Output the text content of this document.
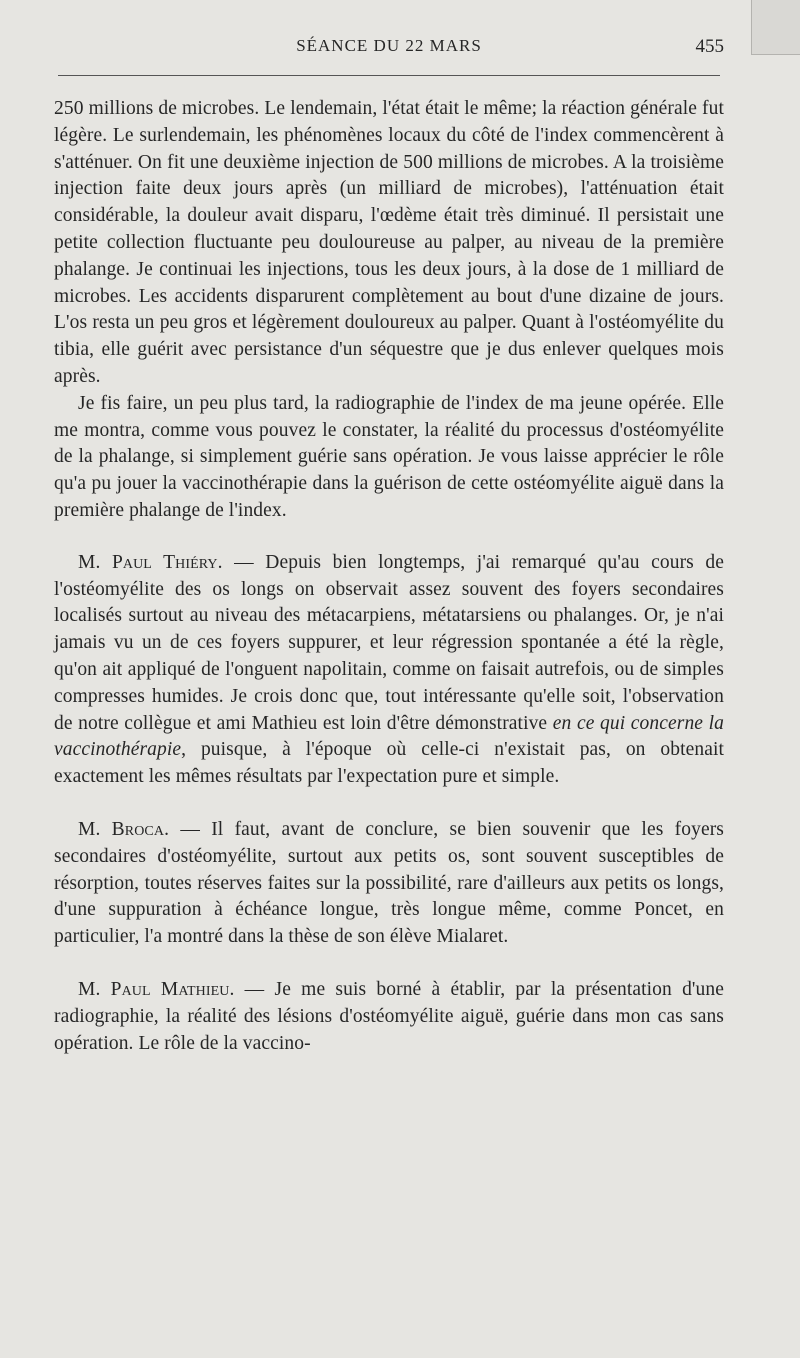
SÉANCE DU 22 MARS	455

250 millions de microbes. Le lendemain, l'état était le même; la réaction générale fut légère. Le surlendemain, les phénomènes locaux du côté de l'index commencèrent à s'atténuer. On fit une deuxième injection de 500 millions de microbes. A la troisième injection faite deux jours après (un milliard de microbes), l'atténuation était considérable, la douleur avait disparu, l'œdème était très diminué. Il persistait une petite collection fluctuante peu douloureuse au palper, au niveau de la première phalange. Je continuai les injections, tous les deux jours, à la dose de 1 milliard de microbes. Les accidents disparurent complètement au bout d'une dizaine de jours. L'os resta un peu gros et légèrement douloureux au palper. Quant à l'ostéomyélite du tibia, elle guérit avec persistance d'un séquestre que je dus enlever quelques mois après.

Je fis faire, un peu plus tard, la radiographie de l'index de ma jeune opérée. Elle me montra, comme vous pouvez le constater, la réalité du processus d'ostéomyélite de la phalange, si simplement guérie sans opération. Je vous laisse apprécier le rôle qu'a pu jouer la vaccinothérapie dans la guérison de cette ostéomyélite aiguë dans la première phalange de l'index.

M. Paul Thiéry. — Depuis bien longtemps, j'ai remarqué qu'au cours de l'ostéomyélite des os longs on observait assez souvent des foyers secondaires localisés surtout au niveau des métacarpiens, métatarsiens ou phalanges. Or, je n'ai jamais vu un de ces foyers suppurer, et leur régression spontanée a été la règle, qu'on ait appliqué de l'onguent napolitain, comme on faisait autrefois, ou de simples compresses humides. Je crois donc que, tout intéressante qu'elle soit, l'observation de notre collègue et ami Mathieu est loin d'être démonstrative en ce qui concerne la vaccinothérapie, puisque, à l'époque où celle-ci n'existait pas, on obtenait exactement les mêmes résultats par l'expectation pure et simple.

M. Broca. — Il faut, avant de conclure, se bien souvenir que les foyers secondaires d'ostéomyélite, surtout aux petits os, sont souvent susceptibles de résorption, toutes réserves faites sur la possibilité, rare d'ailleurs aux petits os longs, d'une suppuration à échéance longue, très longue même, comme Poncet, en particulier, l'a montré dans la thèse de son élève Mialaret.

M. Paul Mathieu. — Je me suis borné à établir, par la présentation d'une radiographie, la réalité des lésions d'ostéomyélite aiguë, guérie dans mon cas sans opération. Le rôle de la vaccino-
